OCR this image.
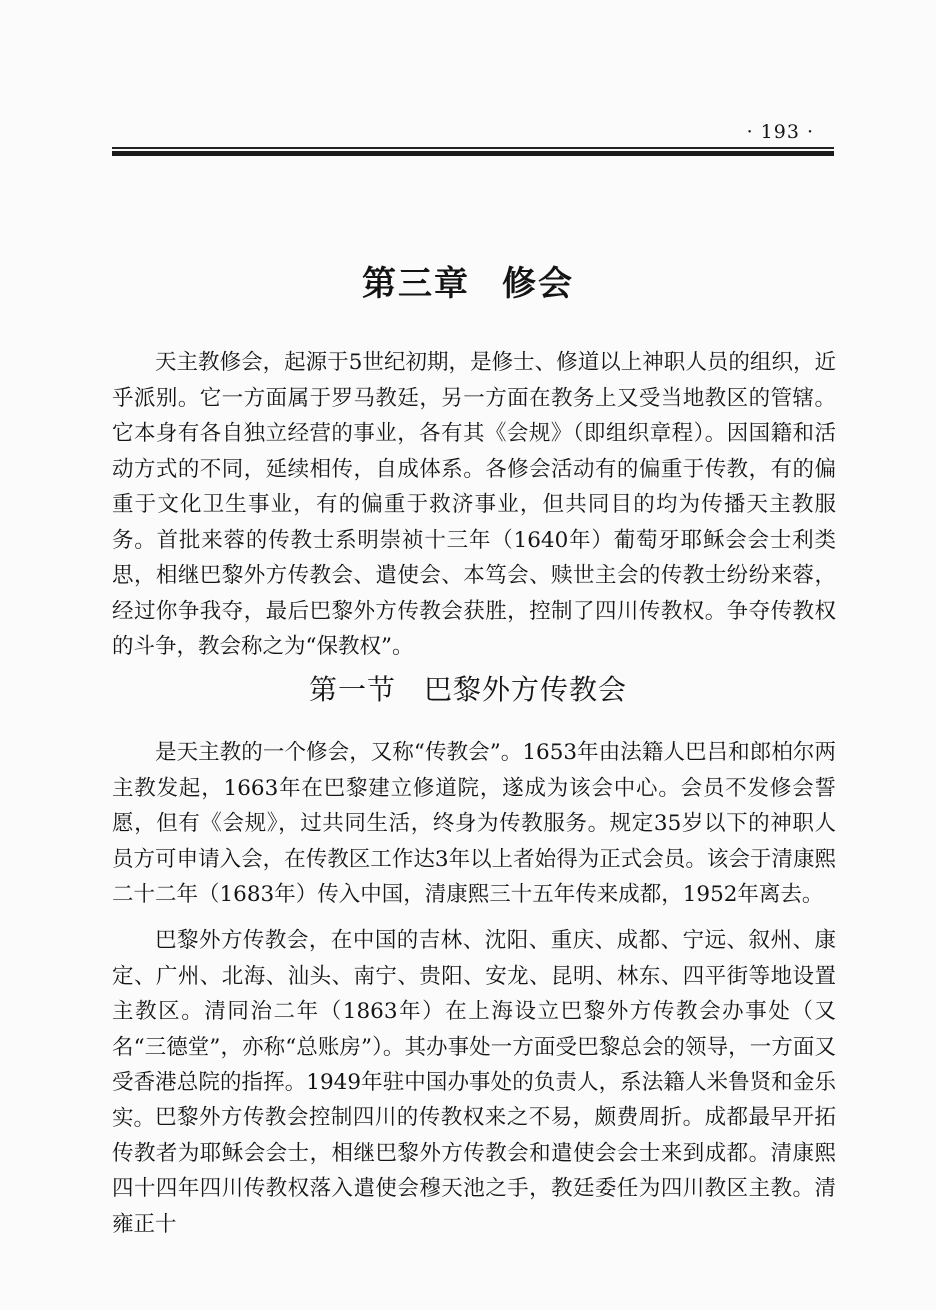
· 193 ·
第三章 修会

天主教修会，起源于5世纪初期，是修士、修道以上神职人员的组织，近乎派别。它一方面属于罗马教廷，另一方面在教务上又受当地教区的管辖。它本身有各自独立经营的事业，各有其《会规》（即组织章程）。因国籍和活动方式的不同，延续相传，自成体系。各修会活动有的偏重于传教，有的偏重于文化卫生事业，有的偏重于救济事业，但共同目的均为传播天主教服务。首批来蓉的传教士系明崇祯十三年（1640年）葡萄牙耶稣会会士利类思，相继巴黎外方传教会、遣使会、本笃会、赎世主会的传教士纷纷来蓉，经过你争我夺，最后巴黎外方传教会获胜，控制了四川传教权。争夺传教权的斗争，教会称之为“保教权”。

第一节 巴黎外方传教会

是天主教的一个修会，又称“传教会”。1653年由法籍人巴吕和郎柏尔两主教发起，1663年在巴黎建立修道院，遂成为该会中心。会员不发修会誓愿，但有《会规》，过共同生活，终身为传教服务。规定35岁以下的神职人员方可申请入会，在传教区工作达3年以上者始得为正式会员。该会于清康熙二十二年（1683年）传入中国，清康熙三十五年传来成都，1952年离去。

巴黎外方传教会，在中国的吉林、沈阳、重庆、成都、宁远、叙州、康定、广州、北海、汕头、南宁、贵阳、安龙、昆明、林东、四平街等地设置主教区。清同治二年（1863年）在上海设立巴黎外方传教会办事处（又名“三德堂”，亦称“总账房”）。其办事处一方面受巴黎总会的领导，一方面又受香港总院的指挥。1949年驻中国办事处的负责人，系法籍人米鲁贤和金乐实。 巴黎外方传教会控制四川的传教权来之不易，颇费周折。成都最早开拓传教者为耶稣会会士，相继巴黎外方传教会和遣使会会士来到成都。清康熙四十四年四川传教权落入遣使会穆天池之手，教廷委任为四川教区主教。清雍正十
